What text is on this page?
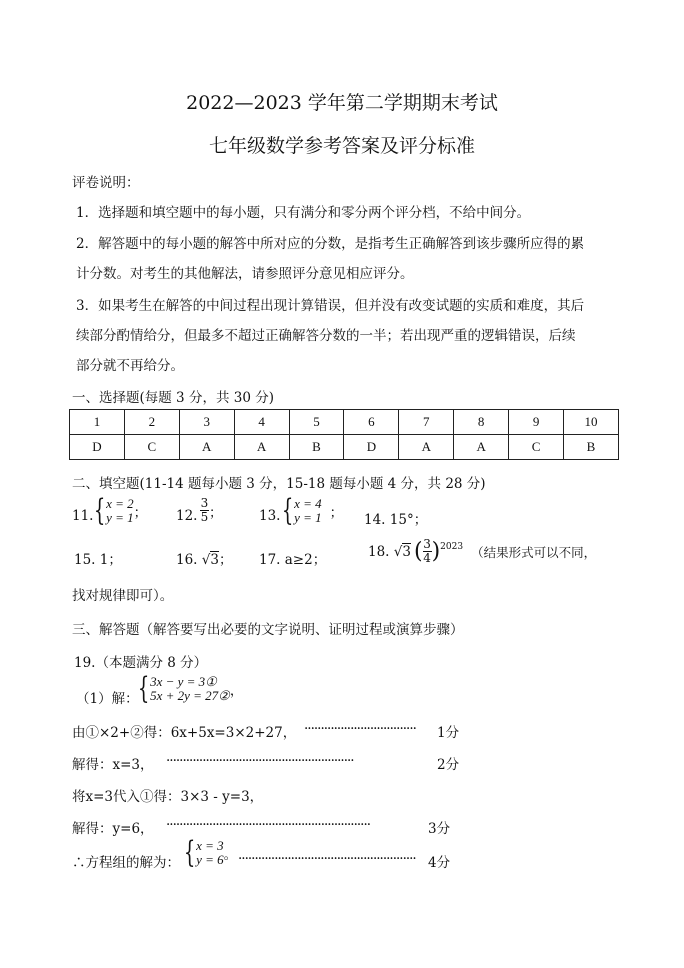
2022—2023 学年第二学期期末考试
七年级数学参考答案及评分标准
评卷说明：
1．选择题和填空题中的每小题，只有满分和零分两个评分档，不给中间分。
2．解答题中的每小题的解答中所对应的分数，是指考生正确解答到该步骤所应得的累
计分数。对考生的其他解法，请参照评分意见相应评分。
3．如果考生在解答的中间过程出现计算错误，但并没有改变试题的实质和难度，其后
续部分酌情给分，但最多不超过正确解答分数的一半；若出现严重的逻辑错误，后续
部分就不再给分。
一、选择题(每题 3 分，共 30 分)
1	2	3	4	5	6	7	8	9	10
D	C	A	A	B	D	A	A	C	B
二、填空题(11-14 题每小题 3 分，15-18 题每小题 4 分，共 28 分)
11. { x = 2
y = 1 ； 12. $\frac{3}{5}$ ；	13. { x = 4
y = 1 ； 14. 15°；
15. 1；	16. √3； 17. a≥2；
18.
√ 3 ( $\frac{3}{4}$ ) 2023 （结果形式可以不同，
找对规律即可）。
三、解答题（解答要写出必要的文字说明、证明过程或演算步骤）
19.（本题满分 8 分）
（1）解： { 3x − y = 3①
5x + 2y = 27② ，
由①×2+②得：6x+5x=3×2+27， ·································· 1分
解得：x=3， ·························································	2分
将x=3代入①得：3×3 - y=3，
解得：y=6， ······························································	3分
∴方程组的解为： { x = 3
y = 6 。 ······················································ 4分
